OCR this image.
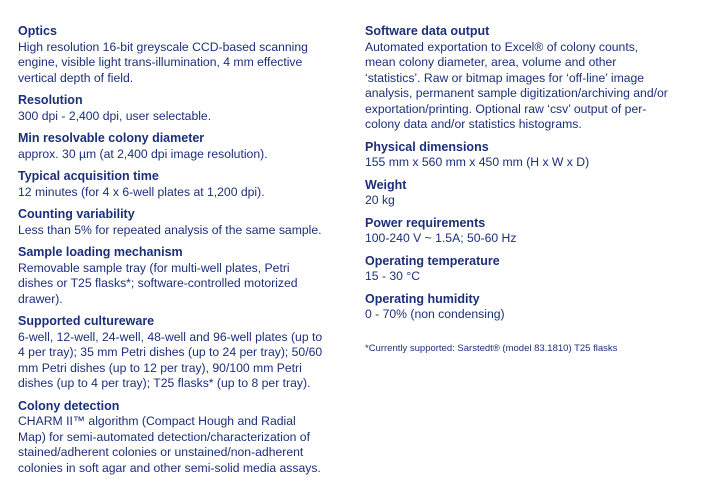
Optics

High resolution 16-bit greyscale CCD-based scanning
engine, visible light trans-illumination, 4 mm effective
vertical depth of field.

Resolution

300 dpi - 2,400 dpi, user selectable.

Min resolvable colony diameter

approx. 30 µm (at 2,400 dpi image resolution).

Typical acquisition time

12 minutes (for 4 x 6-well plates at 1,200 dpi).

Counting variability

Less than 5% for repeated analysis of the same sample.

Sample loading mechanism

Removable sample tray (for multi-well plates, Petri
dishes or T25 flasks*; software-controlled motorized
drawer).

Supported cultureware

6-well, 12-well, 24-well, 48-well and 96-well plates (up to
4 per tray); 35 mm Petri dishes (up to 24 per tray); 50/60
mm Petri dishes (up to 12 per tray), 90/100 mm Petri
dishes (up to 4 per tray); T25 flasks* (up to 8 per tray).

Colony detection

CHARM II™ algorithm (Compact Hough and Radial
Map) for semi-automated detection/characterization of
stained/adherent colonies or unstained/non-adherent
colonies in soft agar and other semi-solid media assays.

Software data output

Automated exportation to Excel® of colony counts,
mean colony diameter, area, volume and other
‘statistics’. Raw or bitmap images for ‘off-line’ image
analysis, permanent sample digitization/archiving and/or
exportation/printing. Optional raw ‘csv’ output of per-
colony data and/or statistics histograms.

Physical dimensions

155 mm x 560 mm x 450 mm (H x W x D)

Weight

20 kg

Power requirements

100-240 V ~ 1.5A; 50-60 Hz

Operating temperature

15 - 30 °C

Operating humidity

0 - 70% (non condensing)

*Currently supported: Sarstedt® (model 83.1810) T25 flasks
